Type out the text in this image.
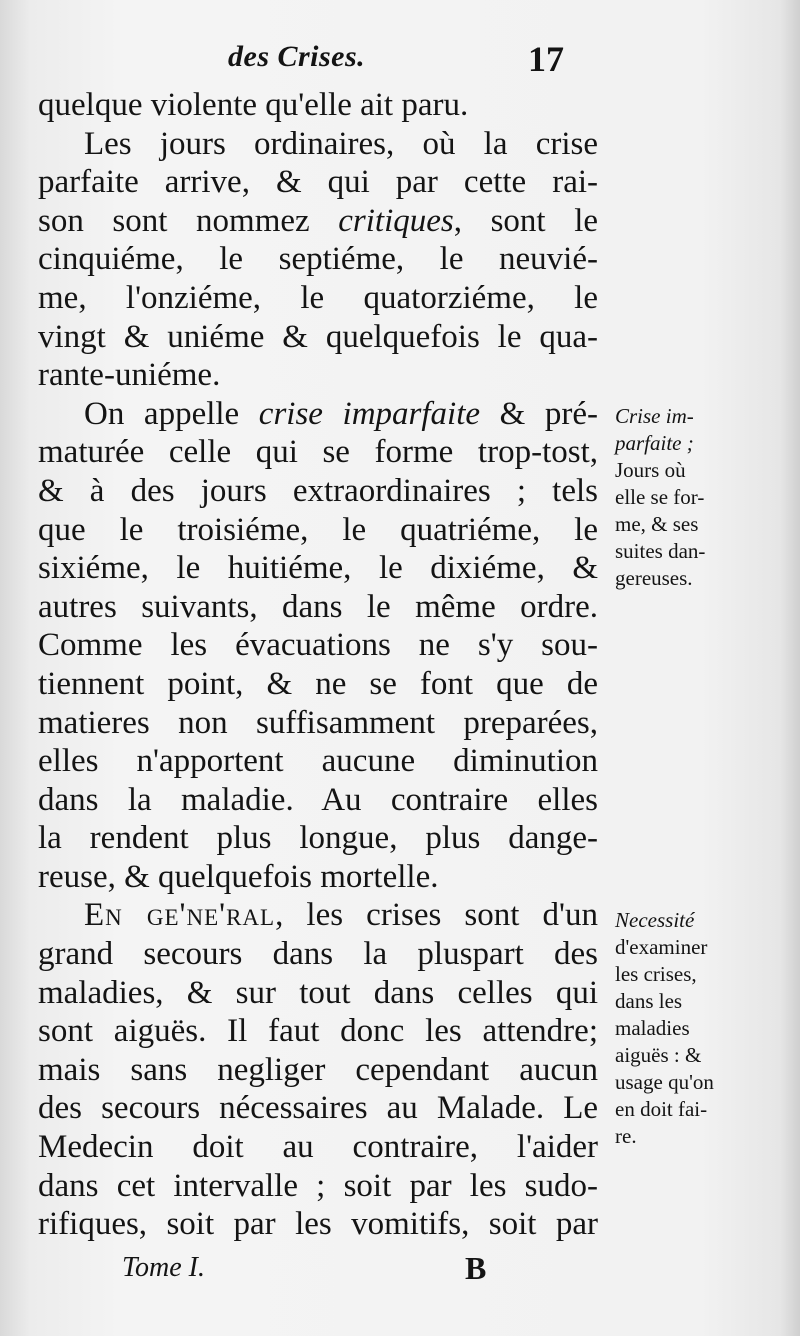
des Crises.	17
quelque violente qu'elle ait paru.
Les jours ordinaires, où la crise
parfaite arrive, & qui par cette rai-
son sont nommez critiques, sont le
cinquiéme, le septiéme, le neuvié-
me, l'onziéme, le quatorziéme, le
vingt & uniéme & quelquefois le qua-
rante-uniéme.
On appelle crise imparfaite & pré-
maturée celle qui se forme trop-tost,
& à des jours extraordinaires ; tels
que le troisiéme, le quatriéme, le
sixiéme, le huitiéme, le dixiéme, &
autres suivants, dans le même ordre.
Comme les évacuations ne s'y sou-
tiennent point, & ne se font que de
matieres non suffisamment preparées,
elles n'apportent aucune diminution
dans la maladie. Au contraire elles
la rendent plus longue, plus dange-
reuse, & quelquefois mortelle.
En ge'ne'ral, les crises sont d'un
grand secours dans la pluspart des
maladies, & sur tout dans celles qui
sont aiguës. Il faut donc les attendre;
mais sans negliger cependant aucun
des secours nécessaires au Malade. Le
Medecin doit au contraire, l'aider
dans cet intervalle ; soit par les sudo-
rifiques, soit par les vomitifs, soit par
Crise im-
parfaite ;
Jours où
elle se for-
me, & ses
suites dan-
gereuses.
Necessité
d'examiner
les crises,
dans les
maladies
aiguës : &
usage qu'on
en doit fai-
re.
Tome I.	B
